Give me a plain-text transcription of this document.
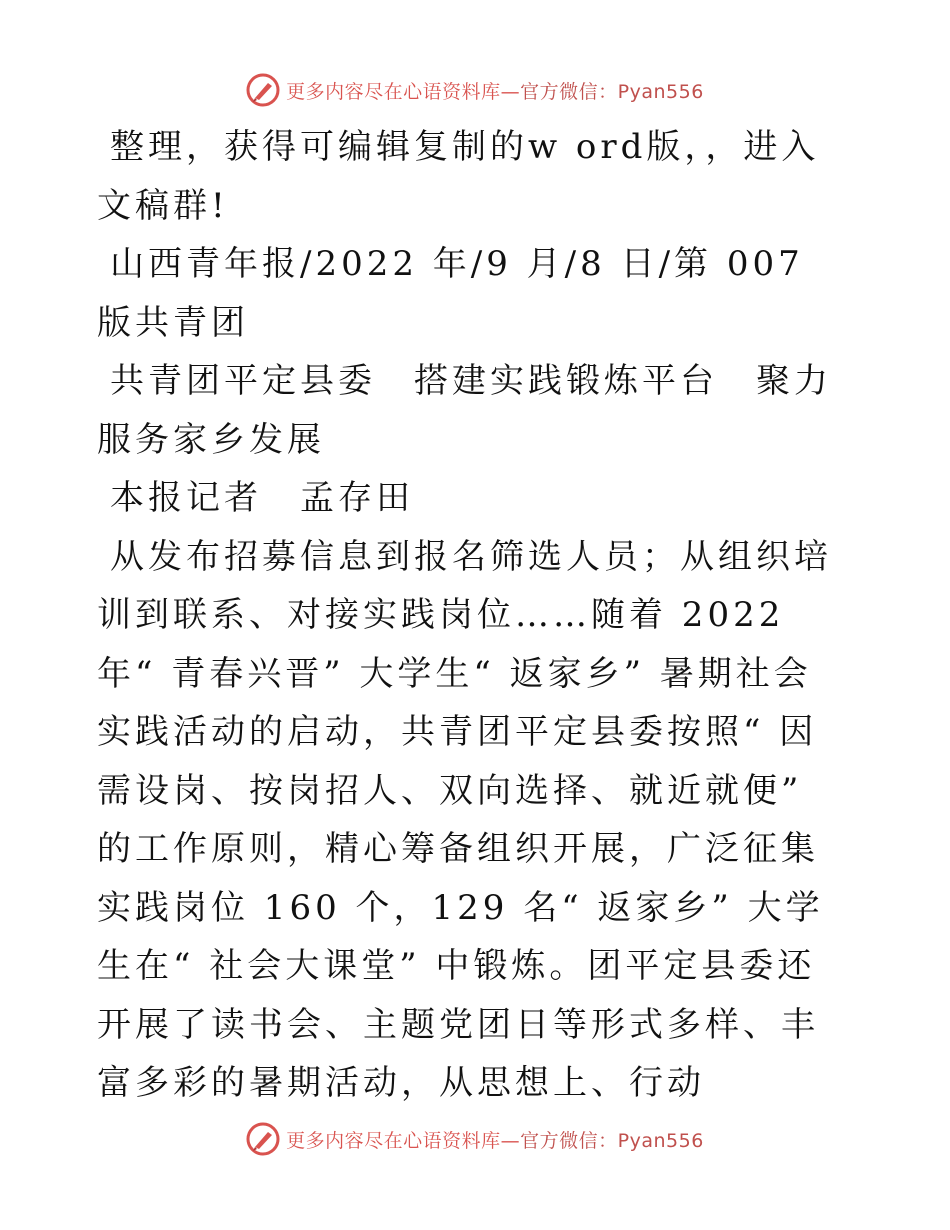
更多内容尽在心语资料库—官方微信：Pyan556

整理，获得可编辑复制的w ord版，，进入文稿群!

山西青年报/2022 年/9 月/8 日/第 007 版共青团

共青团平定县委　搭建实践锻炼平台　聚力服务家乡发展

本报记者　孟存田

从发布招募信息到报名筛选人员；从组织培训到联系、对接实践岗位……随着 2022 年“ 青春兴晋” 大学生“ 返家乡” 暑期社会实践活动的启动，共青团平定县委按照“ 因需设岗、按岗招人、双向选择、就近就便” 的工作原则，精心筹备组织开展，广泛征集实践岗位 160 个，129 名“ 返家乡” 大学生在“ 社会大课堂” 中锻炼。团平定县委还开展了读书会、主题党团日等形式多样、丰富多彩的暑期活动，从思想上、行动

更多内容尽在心语资料库—官方微信：Pyan556
